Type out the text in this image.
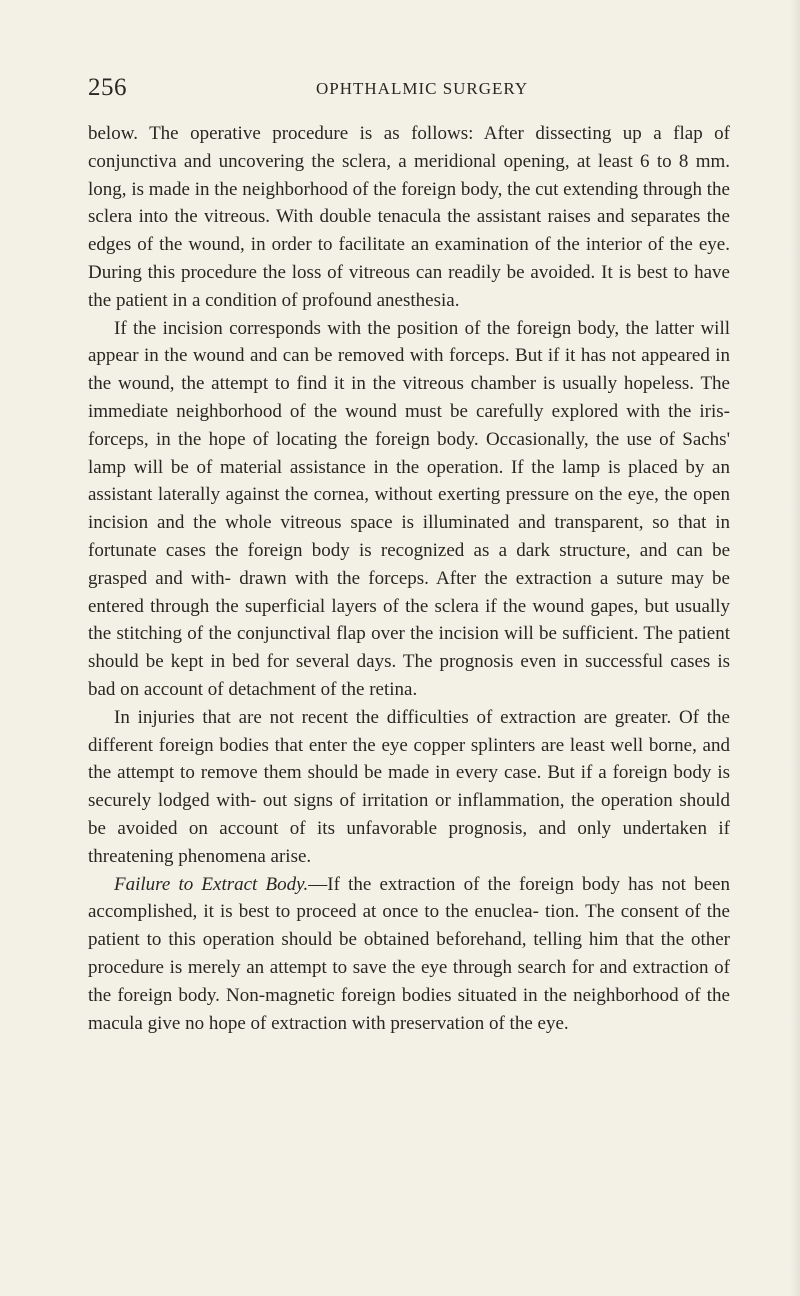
256	OPHTHALMIC SURGERY

below. The operative procedure is as follows: After dissecting up a flap of conjunctiva and uncovering the sclera, a meridional opening, at least 6 to 8 mm. long, is made in the neighborhood of the foreign body, the cut extending through the sclera into the vitreous. With double tenacula the assistant raises and separates the edges of the wound, in order to facilitate an examination of the interior of the eye. During this procedure the loss of vitreous can readily be avoided. It is best to have the patient in a condition of profound anesthesia.

If the incision corresponds with the position of the foreign body, the latter will appear in the wound and can be removed with forceps. But if it has not appeared in the wound, the attempt to find it in the vitreous chamber is usually hopeless. The immediate neighborhood of the wound must be carefully explored with the iris-forceps, in the hope of locating the foreign body. Occasionally, the use of Sachs' lamp will be of material assistance in the operation. If the lamp is placed by an assistant laterally against the cornea, without exerting pressure on the eye, the open incision and the whole vitreous space is illuminated and transparent, so that in fortunate cases the foreign body is recognized as a dark structure, and can be grasped and with- drawn with the forceps. After the extraction a suture may be entered through the superficial layers of the sclera if the wound gapes, but usually the stitching of the conjunctival flap over the incision will be sufficient. The patient should be kept in bed for several days. The prognosis even in successful cases is bad on account of detachment of the retina.

In injuries that are not recent the difficulties of extraction are greater. Of the different foreign bodies that enter the eye copper splinters are least well borne, and the attempt to remove them should be made in every case. But if a foreign body is securely lodged with- out signs of irritation or inflammation, the operation should be avoided on account of its unfavorable prognosis, and only undertaken if threatening phenomena arise.

Failure to Extract Body.—If the extraction of the foreign body has not been accomplished, it is best to proceed at once to the enuclea- tion. The consent of the patient to this operation should be obtained beforehand, telling him that the other procedure is merely an attempt to save the eye through search for and extraction of the foreign body. Non-magnetic foreign bodies situated in the neighborhood of the macula give no hope of extraction with preservation of the eye.
